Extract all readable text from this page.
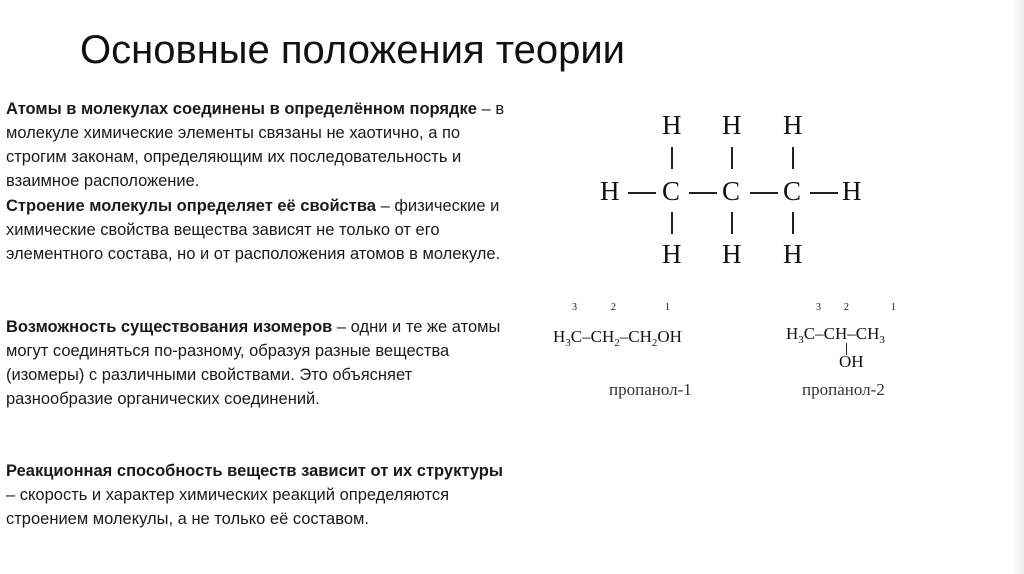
Основные положения теории

Атомы в молекулах соединены в определённом порядке – в молекуле химические элементы связаны не хаотично, а по строгим законам, определяющим их последовательность и взаимное расположение.

Строение молекулы определяет её свойства – физические и химические свойства вещества зависят не только от его элементного состава, но и от расположения атомов в молекуле.

Возможность существования изомеров – одни и те же атомы могут соединяться по-разному, образуя разные вещества (изомеры) с различными свойствами. Это объясняет разнообразие органических соединений.

Реакционная способность веществ зависит от их структуры – скорость и характер химических реакций определяются строением молекулы, а не только её составом.

H H H
H C C C H
H H H
3	2	1
$H_3C-CH_2-CH_2OH$
пропанол-1
3 2	1
$H_3C-CH-CH_3$
OH
пропанол-2
